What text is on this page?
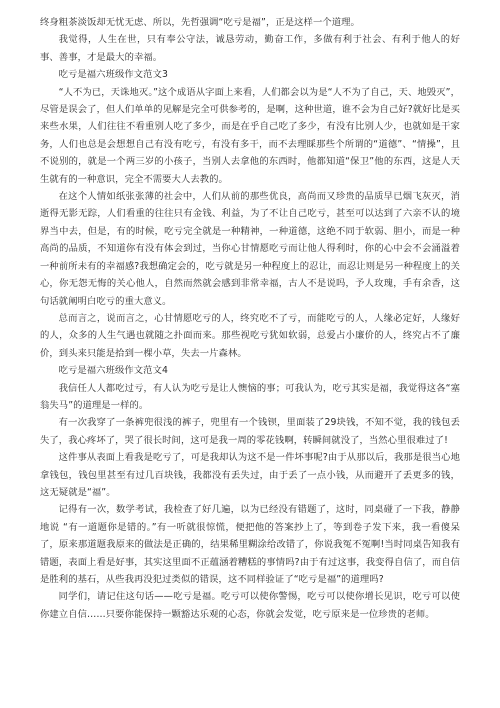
终身粗茶淡饭却无忧无虑、所以，先哲强调“吃亏是福”，正是这样一个道理。

我觉得，人生在世，只有奉公守法，诚恳劳动，勤奋工作，多做有利于社会、有利于他人的好事、善事，才是最大的幸福。

吃亏是福六班级作文范文3

“人不为已，天诛地灭。”这个成语从字面上来看，人们都会以为是“人不为了自己，天、地毁灭”，尽管是误会了，但人们单单的见解是完全可供参考的，是啊，这种世道，谁不会为自己好?就好比是买来些水果，人们往往不看重别人吃了多少，而是在乎自己吃了多少，有没有比别人少，也就如是干家务，人们也总是会想想自己有没有吃亏，有没有多干，而不去理睬那些个所谓的“道德”、“情操”，且不说别的，就是一个两三岁的小孩子，当别人去拿他的东西时，他都知道“保卫”他的东西，这是人天生就有的一种意识，完全不需要大人去教的。

在这个人情如纸张张薄的社会中，人们从前的那些优良，高尚而又珍贵的品质早已烟飞灰灭，消逝得无影无踪，人们看重的往往只有金钱、利益，为了不让自己吃亏，甚至可以达到了六亲不认的境界当中去，但是，有的时候，吃亏完全就是一种精神，一种道德，这绝不同于软弱、胆小，而是一种高尚的品质，不知道你有没有体会到过，当你心甘情愿吃亏而让他人得利时，你的心中会不会涌溢着一种前所未有的幸福感?我想确定会的，吃亏就是另一种程度上的忍让，而忍让则是另一种程度上的关心，你无怨无悔的关心他人，自然而然就会感到非常幸福，古人不是说吗，予人玫瑰，手有余香，这句话就阐明白吃亏的重大意义。

总而言之，说而言之，心甘情愿吃亏的人，终究吃不了亏，而能吃亏的人，人缘必定好，人缘好的人，众多的人生气遇也就随之扑面而来。那些视吃亏犹如软弱，总爱占小廉价的人，终究占不了廉价，到头来只能是拾到一棵小草，失去一片森林。

吃亏是福六班级作文范文4

我信任人人都吃过亏，有人认为吃亏是让人懊恼的事；可我认为，吃亏其实是福，我觉得这各“塞翁失马”的道理是一样的。

有一次我穿了一条裤兜很浅的裤子，兜里有一个钱钡，里面装了29块钱，不知不觉，我的钱包丢失了，我心疼坏了，哭了很长时间，这可是我一周的零花钱啊，转瞬间就没了，当然心里很难过了!

这件事从表面上看我是吃亏了，可是我却认为这不是一件坏事呢?由于从那以后，我那是很当心地拿钱包，钱包里甚至有过几百块钱，我都没有丢失过，由于丢了一点小钱，从而避开了丢更多的钱，这无疑就是“福”。

记得有一次，数学考试，我检查了好几遍，以为已经没有错题了，这时，同桌碰了一下我，静静地说 “有一道题你是错的。”有一听就很惊慌，便把他的答案抄上了，等到卷子发下来，我一看傻呆了，原来那道题我原来的做法是正确的，结果稀里糊涂给改错了，你说我冤不冤啊!当时同桌告知我有错题，表面上看是好事，其实这里面不正蕴涵着糟糕的事情吗?由于有过这事，我变得自信了，而自信是胜利的基石，从些我再没犯过类似的错误，这不同样验证了“吃亏是福”的道理吗?

同学们，请记住这句话——吃亏是福。吃亏可以使你警惕，吃亏可以使你增长见识，吃亏可以使你建立自信……只要你能保持一颗豁达乐观的心态，你就会发觉，吃亏原来是一位珍贵的老师。
